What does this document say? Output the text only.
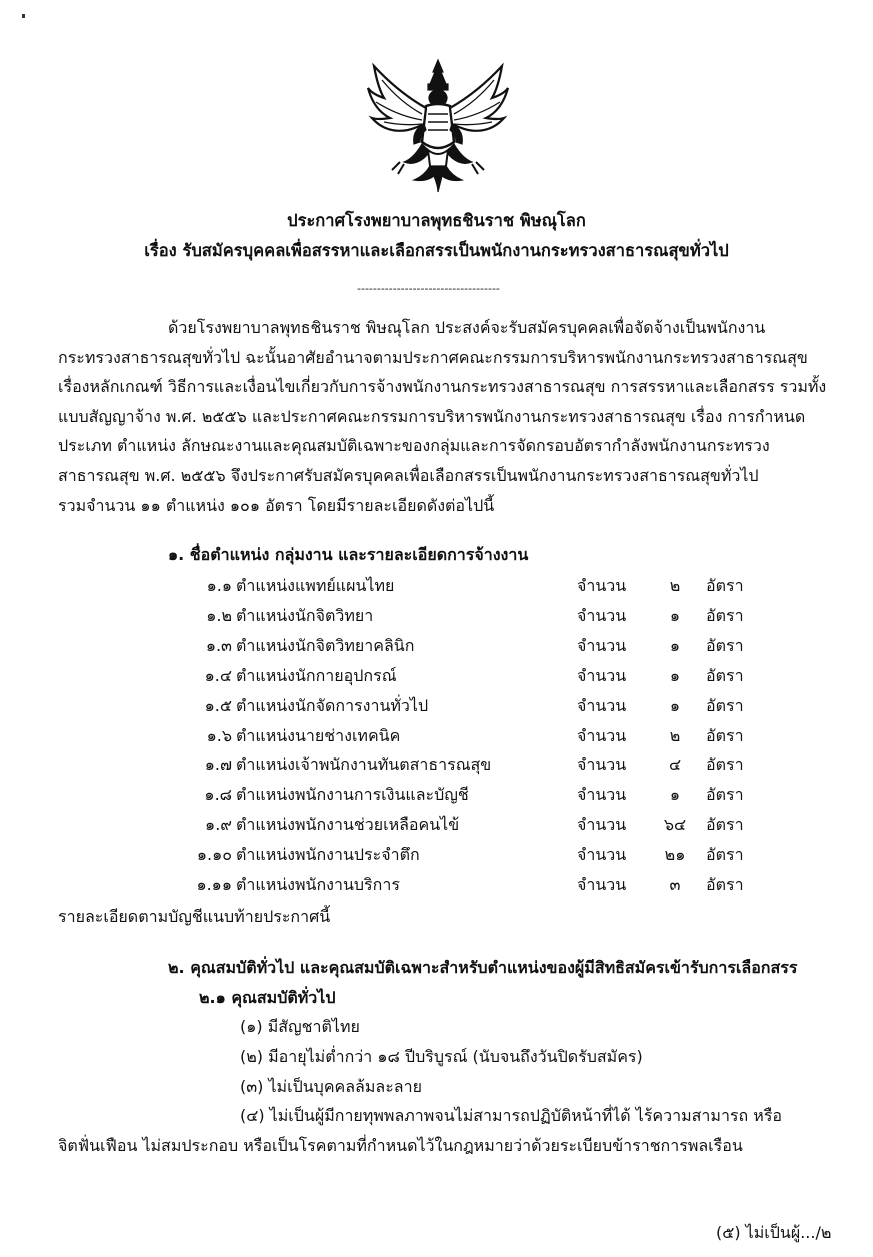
ประกาศโรงพยาบาลพุทธชินราช พิษณุโลก
เรื่อง รับสมัครบุคคลเพื่อสรรหาและเลือกสรรเป็นพนักงานกระทรวงสาธารณสุขทั่วไป
------------------------------------

ด้วยโรงพยาบาลพุทธชินราช พิษณุโลก ประสงค์จะรับสมัครบุคคลเพื่อจัดจ้างเป็นพนักงาน

กระทรวงสาธารณสุขทั่วไป ฉะนั้นอาศัยอำนาจตามประกาศคณะกรรมการบริหารพนักงานกระทรวงสาธารณสุข

เรื่องหลักเกณฑ์ วิธีการและเงื่อนไขเกี่ยวกับการจ้างพนักงานกระทรวงสาธารณสุข การสรรหาและเลือกสรร รวมทั้ง

แบบสัญญาจ้าง พ.ศ. ๒๕๕๖ และประกาศคณะกรรมการบริหารพนักงานกระทรวงสาธารณสุข เรื่อง การกำหนด

ประเภท ตำแหน่ง ลักษณะงานและคุณสมบัติเฉพาะของกลุ่มและการจัดกรอบอัตรากำลังพนักงานกระทรวง

สาธารณสุข พ.ศ. ๒๕๕๖ จึงประกาศรับสมัครบุคคลเพื่อเลือกสรรเป็นพนักงานกระทรวงสาธารณสุขทั่วไป

รวมจำนวน ๑๑ ตำแหน่ง ๑๐๑ อัตรา โดยมีรายละเอียดดังต่อไปนี้

๑. ชื่อตำแหน่ง กลุ่มงาน และรายละเอียดการจ้างงาน
๑.๑ ตำแหน่งแพทย์แผนไทย	จำนวน	๒	อัตรา
๑.๒ ตำแหน่งนักจิตวิทยา	จำนวน	๑	อัตรา
๑.๓ ตำแหน่งนักจิตวิทยาคลินิก	จำนวน	๑	อัตรา
๑.๔ ตำแหน่งนักกายอุปกรณ์	จำนวน	๑	อัตรา
๑.๕ ตำแหน่งนักจัดการงานทั่วไป	จำนวน	๑	อัตรา
๑.๖ ตำแหน่งนายช่างเทคนิค	จำนวน	๒	อัตรา
๑.๗ ตำแหน่งเจ้าพนักงานทันตสาธารณสุข	จำนวน	๔	อัตรา
๑.๘ ตำแหน่งพนักงานการเงินและบัญชี	จำนวน	๑	อัตรา
๑.๙ ตำแหน่งพนักงานช่วยเหลือคนไข้	จำนวน	๖๔	อัตรา
๑.๑๐ ตำแหน่งพนักงานประจำตึก	จำนวน	๒๑	อัตรา
๑.๑๑ ตำแหน่งพนักงานบริการ	จำนวน	๓	อัตรา
รายละเอียดตามบัญชีแนบท้ายประกาศนี้
๒. คุณสมบัติทั่วไป และคุณสมบัติเฉพาะสำหรับตำแหน่งของผู้มีสิทธิสมัครเข้ารับการเลือกสรร
๒.๑ คุณสมบัติทั่วไป
(๑) มีสัญชาติไทย
(๒) มีอายุไม่ต่ำกว่า ๑๘ ปีบริบูรณ์ (นับจนถึงวันปิดรับสมัคร)
(๓) ไม่เป็นบุคคลล้มละลาย
(๔) ไม่เป็นผู้มีกายทุพพลภาพจนไม่สามารถปฏิบัติหน้าที่ได้ ไร้ความสามารถ หรือ
จิตฟั่นเฟือน ไม่สมประกอบ หรือเป็นโรคตามที่กำหนดไว้ในกฎหมายว่าด้วยระเบียบข้าราชการพลเรือน
(๕) ไม่เป็นผู้.../๒
